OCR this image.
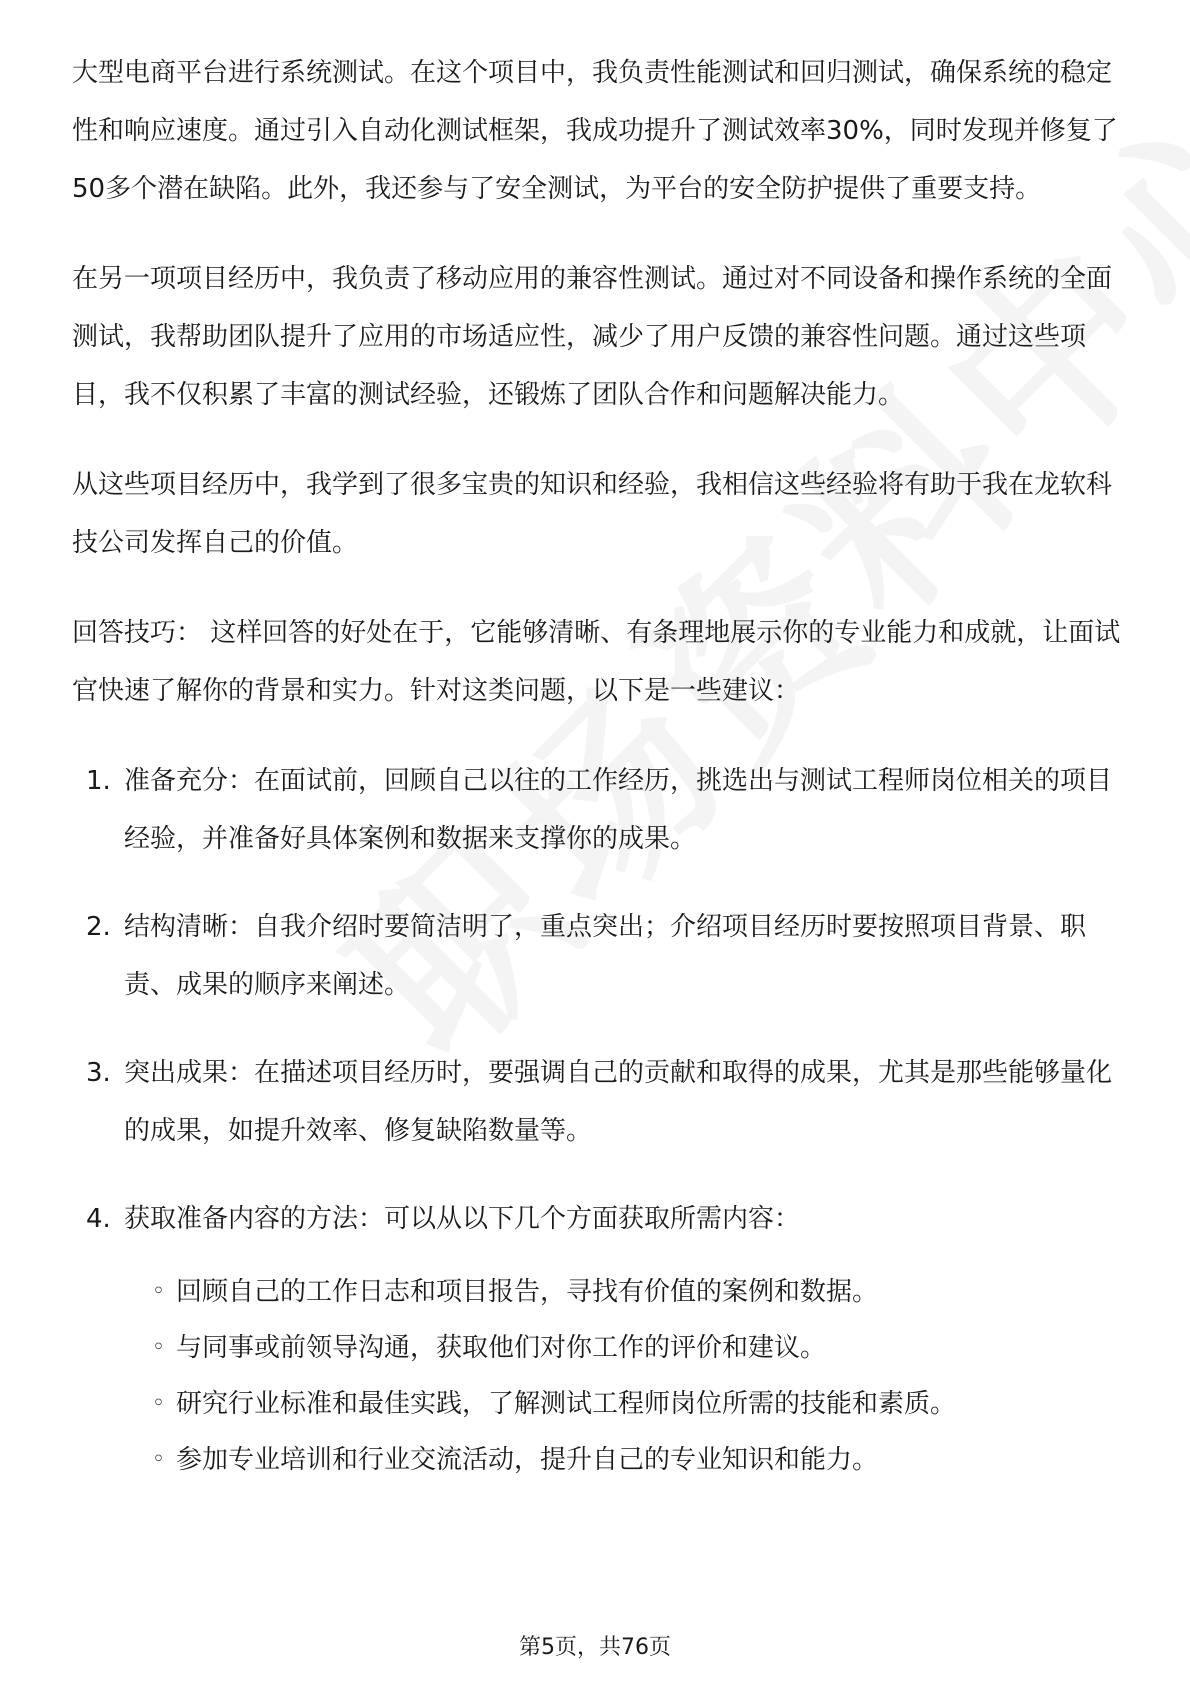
大型电商平台进行系统测试。在这个项目中，我负责性能测试和回归测试，确保系统的稳定性和响应速度。通过引入自动化测试框架，我成功提升了测试效率30%，同时发现并修复了50多个潜在缺陷。此外，我还参与了安全测试，为平台的安全防护提供了重要支持。

在另一项项目经历中，我负责了移动应用的兼容性测试。通过对不同设备和操作系统的全面测试，我帮助团队提升了应用的市场适应性，减少了用户反馈的兼容性问题。通过这些项目，我不仅积累了丰富的测试经验，还锻炼了团队合作和问题解决能力。

从这些项目经历中，我学到了很多宝贵的知识和经验，我相信这些经验将有助于我在龙软科技公司发挥自己的价值。

回答技巧： 这样回答的好处在于，它能够清晰、有条理地展示你的专业能力和成就，让面试官快速了解你的背景和实力。针对这类问题，以下是一些建议：

1. 准备充分：在面试前，回顾自己以往的工作经历，挑选出与测试工程师岗位相关的项目经验，并准备好具体案例和数据来支撑你的成果。
2. 结构清晰：自我介绍时要简洁明了，重点突出；介绍项目经历时要按照项目背景、职责、成果的顺序来阐述。
3. 突出成果：在描述项目经历时，要强调自己的贡献和取得的成果，尤其是那些能够量化的成果，如提升效率、修复缺陷数量等。
4. 获取准备内容的方法：可以从以下几个方面获取所需内容：
◦ 回顾自己的工作日志和项目报告，寻找有价值的案例和数据。
◦ 与同事或前领导沟通，获取他们对你工作的评价和建议。
◦ 研究行业标准和最佳实践，了解测试工程师岗位所需的技能和素质。
◦ 参加专业培训和行业交流活动，提升自己的专业知识和能力。
第5页，共76页
